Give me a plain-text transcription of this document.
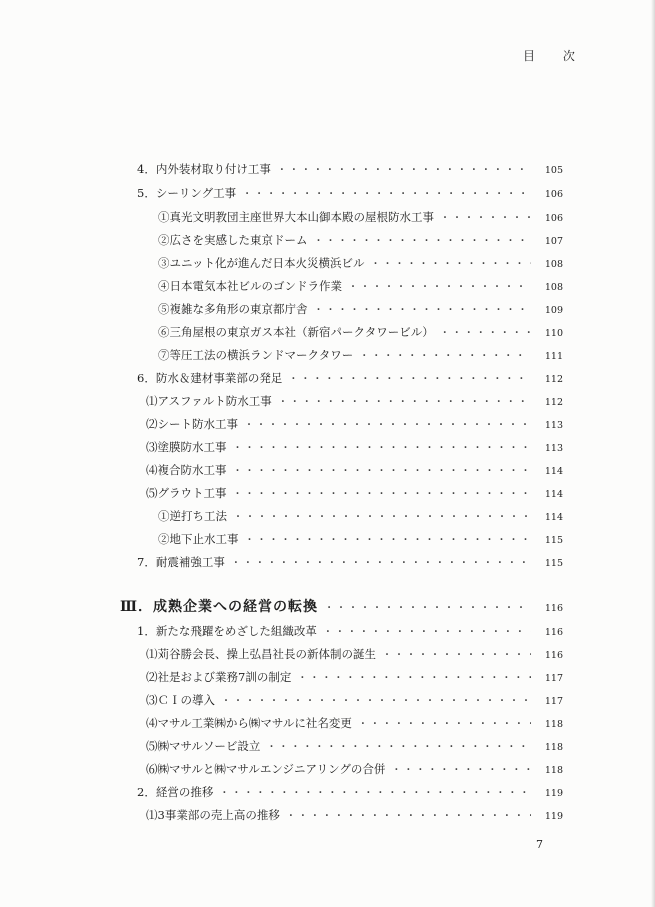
目 次
4．内外装材取り付け工事 ・・・・・・・・・・・・・・・・・・・・・・・・・・・・・・・・・・・・・・・・・・・・・・・・・・・・・・・・・・・・・・・・・・・・	105
5．シーリング工事 ・・・・・・・・・・・・・・・・・・・・・・・・・・・・・・・・・・・・・・・・・・・・・・・・・・・・・・・・・・・・・・・・・・・・	106
①真光文明教団主座世界大本山御本殿の屋根防水工事 ・・・・・・・・・・・・・・・・・・・・・・・・・・・・・・・・・・・・・・・・・・・・・・・・・・・・・・・・・・・・・・・・・・・・	106
②広さを実感した東京ドーム ・・・・・・・・・・・・・・・・・・・・・・・・・・・・・・・・・・・・・・・・・・・・・・・・・・・・・・・・・・・・・・・・・・・・	107
③ユニット化が進んだ日本火災横浜ビル ・・・・・・・・・・・・・・・・・・・・・・・・・・・・・・・・・・・・・・・・・・・・・・・・・・・・・・・・・・・・・・・・・・・・	108
④日本電気本社ビルのゴンドラ作業 ・・・・・・・・・・・・・・・・・・・・・・・・・・・・・・・・・・・・・・・・・・・・・・・・・・・・・・・・・・・・・・・・・・・・	108
⑤複雑な多角形の東京都庁舎 ・・・・・・・・・・・・・・・・・・・・・・・・・・・・・・・・・・・・・・・・・・・・・・・・・・・・・・・・・・・・・・・・・・・・	109
⑥三角屋根の東京ガス本社（新宿パークタワービル） ・・・・・・・・・・・・・・・・・・・・・・・・・・・・・・・・・・・・・・・・・・・・・・・・・・・・・・・・・・・・・・・・・・・・	110
⑦等圧工法の横浜ランドマークタワー ・・・・・・・・・・・・・・・・・・・・・・・・・・・・・・・・・・・・・・・・・・・・・・・・・・・・・・・・・・・・・・・・・・・・	111
6．防水＆建材事業部の発足 ・・・・・・・・・・・・・・・・・・・・・・・・・・・・・・・・・・・・・・・・・・・・・・・・・・・・・・・・・・・・・・・・・・・・	112
⑴アスファルト防水工事 ・・・・・・・・・・・・・・・・・・・・・・・・・・・・・・・・・・・・・・・・・・・・・・・・・・・・・・・・・・・・・・・・・・・・	112
⑵シート防水工事 ・・・・・・・・・・・・・・・・・・・・・・・・・・・・・・・・・・・・・・・・・・・・・・・・・・・・・・・・・・・・・・・・・・・・	113
⑶塗膜防水工事 ・・・・・・・・・・・・・・・・・・・・・・・・・・・・・・・・・・・・・・・・・・・・・・・・・・・・・・・・・・・・・・・・・・・・	113
⑷複合防水工事 ・・・・・・・・・・・・・・・・・・・・・・・・・・・・・・・・・・・・・・・・・・・・・・・・・・・・・・・・・・・・・・・・・・・・	114
⑸グラウト工事 ・・・・・・・・・・・・・・・・・・・・・・・・・・・・・・・・・・・・・・・・・・・・・・・・・・・・・・・・・・・・・・・・・・・・	114
①逆打ち工法 ・・・・・・・・・・・・・・・・・・・・・・・・・・・・・・・・・・・・・・・・・・・・・・・・・・・・・・・・・・・・・・・・・・・・	114
②地下止水工事 ・・・・・・・・・・・・・・・・・・・・・・・・・・・・・・・・・・・・・・・・・・・・・・・・・・・・・・・・・・・・・・・・・・・・	115
7．耐震補強工事 ・・・・・・・・・・・・・・・・・・・・・・・・・・・・・・・・・・・・・・・・・・・・・・・・・・・・・・・・・・・・・・・・・・・・	115
Ⅲ．成熟企業への経営の転換 ・・・・・・・・・・・・・・・・・・・・・・・・・・・・・・・・・・・・・・・・・・・・・・・・・・・・・・・・・・・・・・・・・・・・	116
1．新たな飛躍をめざした組織改革 ・・・・・・・・・・・・・・・・・・・・・・・・・・・・・・・・・・・・・・・・・・・・・・・・・・・・・・・・・・・・・・・・・・・・	116
⑴苅谷勝会長、操上弘昌社長の新体制の誕生 ・・・・・・・・・・・・・・・・・・・・・・・・・・・・・・・・・・・・・・・・・・・・・・・・・・・・・・・・・・・・・・・・・・・・	116
⑵社是および業務7訓の制定 ・・・・・・・・・・・・・・・・・・・・・・・・・・・・・・・・・・・・・・・・・・・・・・・・・・・・・・・・・・・・・・・・・・・・	117
⑶ＣＩの導入 ・・・・・・・・・・・・・・・・・・・・・・・・・・・・・・・・・・・・・・・・・・・・・・・・・・・・・・・・・・・・・・・・・・・・	117
⑷マサル工業㈱から㈱マサルに社名変更 ・・・・・・・・・・・・・・・・・・・・・・・・・・・・・・・・・・・・・・・・・・・・・・・・・・・・・・・・・・・・・・・・・・・・	118
⑸㈱マサルソービ設立 ・・・・・・・・・・・・・・・・・・・・・・・・・・・・・・・・・・・・・・・・・・・・・・・・・・・・・・・・・・・・・・・・・・・・	118
⑹㈱マサルと㈱マサルエンジニアリングの合併 ・・・・・・・・・・・・・・・・・・・・・・・・・・・・・・・・・・・・・・・・・・・・・・・・・・・・・・・・・・・・・・・・・・・・	118
2．経営の推移 ・・・・・・・・・・・・・・・・・・・・・・・・・・・・・・・・・・・・・・・・・・・・・・・・・・・・・・・・・・・・・・・・・・・・	119
⑴3事業部の売上高の推移 ・・・・・・・・・・・・・・・・・・・・・・・・・・・・・・・・・・・・・・・・・・・・・・・・・・・・・・・・・・・・・・・・・・・・	119
7
